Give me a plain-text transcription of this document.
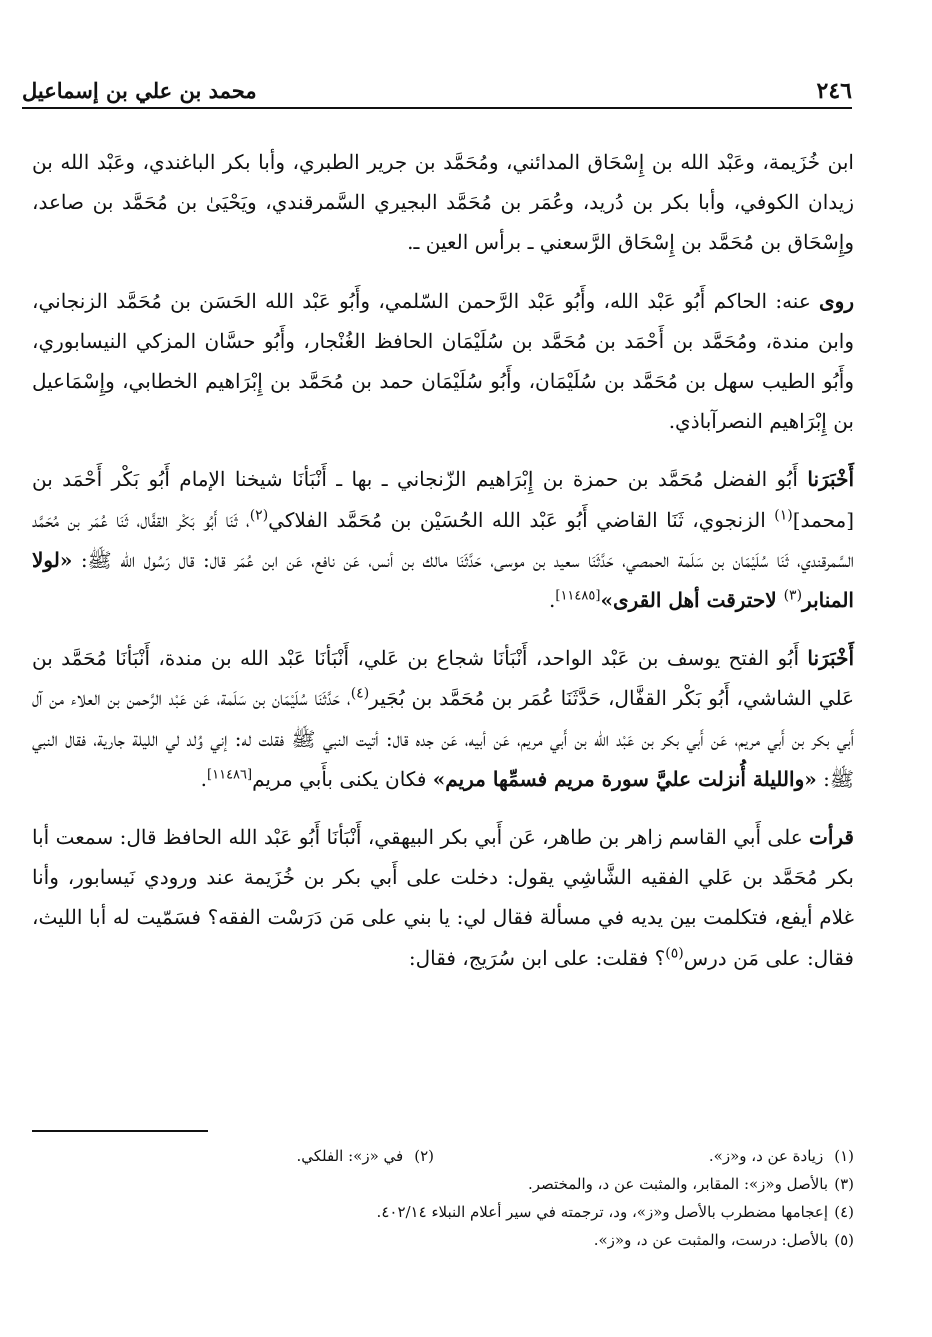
٢٤٦
محمد بن علي بن إسماعيل

ابن خُزَيمة، وعَبْد الله بن إِسْحَاق المدائني، ومُحَمَّد بن جرير الطبري، وأبا بكر الباغندي، وعَبْد الله بن زيدان الكوفي، وأبا بكر بن دُريد، وعُمَر بن مُحَمَّد البجيري السَّمرقندي، ويَحْيَىٰ بن مُحَمَّد بن صاعد، وإِسْحَاق بن مُحَمَّد بن إِسْحَاق الرَّسعني ـ برأس العين ـ.

روى عنه: الحاكم أَبُو عَبْد الله، وأَبُو عَبْد الرَّحمن السّلمي، وأَبُو عَبْد الله الحَسَن بن مُحَمَّد الزنجاني، وابن مندة، ومُحَمَّد بن أَحْمَد بن مُحَمَّد بن سُلَيْمَان الحافظ الغُنْجار، وأَبُو حسَّان المزكي النيسابوري، وأَبُو الطيب سهل بن مُحَمَّد بن سُلَيْمَان، وأَبُو سُلَيْمَان حمد بن مُحَمَّد بن إِبْرَاهيم الخطابي، وإِسْمَاعيل بن إِبْرَاهيم النصرآباذي.

أَخْبَرَنا أَبُو الفضل مُحَمَّد بن حمزة بن إِبْرَاهيم الزّنجاني ـ بها ـ أَنْبَأنَا شيخنا الإمام أَبُو بَكْر أَحْمَد بن [محمد]$^{(١)}$ الزنجوي، ثَنَا القاضي أَبُو عَبْد الله الحُسَيْن بن مُحَمَّد الفلاكي$^{(٢)}$، ثَنَا أَبُو بَكْر القفَّال، ثَنَا عُمَر بن مُحَمَّد السَّمرقندي، ثَنَا سُلَيْمَان بن سَلَمة الحمصي، حَدَّثَنَا سعيد بن موسى، حَدَّثَنَا مالك بن أنس، عَن نافع، عَن ابن عُمَر قال: قال رَسُول الله ﷺ: «لولا المنابر$^{(٣)}$ لاحترقت أهل القرى»[١١٤٨٥].

أَخْبَرَنا أَبُو الفتح يوسف بن عَبْد الواحد، أَنْبَأنَا شجاع بن عَلي، أَنْبَأنَا عَبْد الله بن مندة، أَنْبَأنَا مُحَمَّد بن عَلي الشاشي، أَبُو بَكْر القفَّال، حَدَّثَنَا عُمَر بن مُحَمَّد بن بُجَير$^{(٤)}$، حَدَّثَنَا سُلَيْمَان بن سَلَمة، عَن عَبْد الرَّحمن بن العلاء من آل أَبي بكر بن أَبي مريم، عَن أَبي بكر بن عَبْد الله بن أَبي مريم، عَن أبيه، عَن جده قال: أتيت النبي ﷺ فقلت له: إني وُلد لي الليلة جارية، فقال النبي ﷺ: «والليلة أُنزلت عليَّ سورة مريم فسمِّها مريم» فكان يكنى بأَبي مريم[١١٤٨٦].

قرأت على أَبي القاسم زاهر بن طاهر، عَن أَبي بكر البيهقي، أَنْبَأنَا أَبُو عَبْد الله الحافظ قال: سمعت أبا بكر مُحَمَّد بن عَلي الفقيه الشَّاشِي يقول: دخلت على أَبي بكر بن خُزَيمة عند ورودي نَيسابور، وأنا غلام أيفع، فتكلمت بين يديه في مسألة فقال لي: يا بني على مَن دَرَسْت الفقه؟ فسَمّيت له أبا الليث، فقال: على مَن درس$^{(٥)}$؟ فقلت: على ابن سُرَيج، فقال:

(١) زيادة عن د، و«ز».
(٢) في «ز»: الفلكي.
(٣)
بالأصل و«ز»: المقابر، والمثبت عن د، والمختصر.
(٤)
إعجامها مضطرب بالأصل و«ز»، ود، ترجمته في سير أعلام النبلاء ٤٠٢/١٤.
(٥)
بالأصل: درست، والمثبت عن د، و«ز».
